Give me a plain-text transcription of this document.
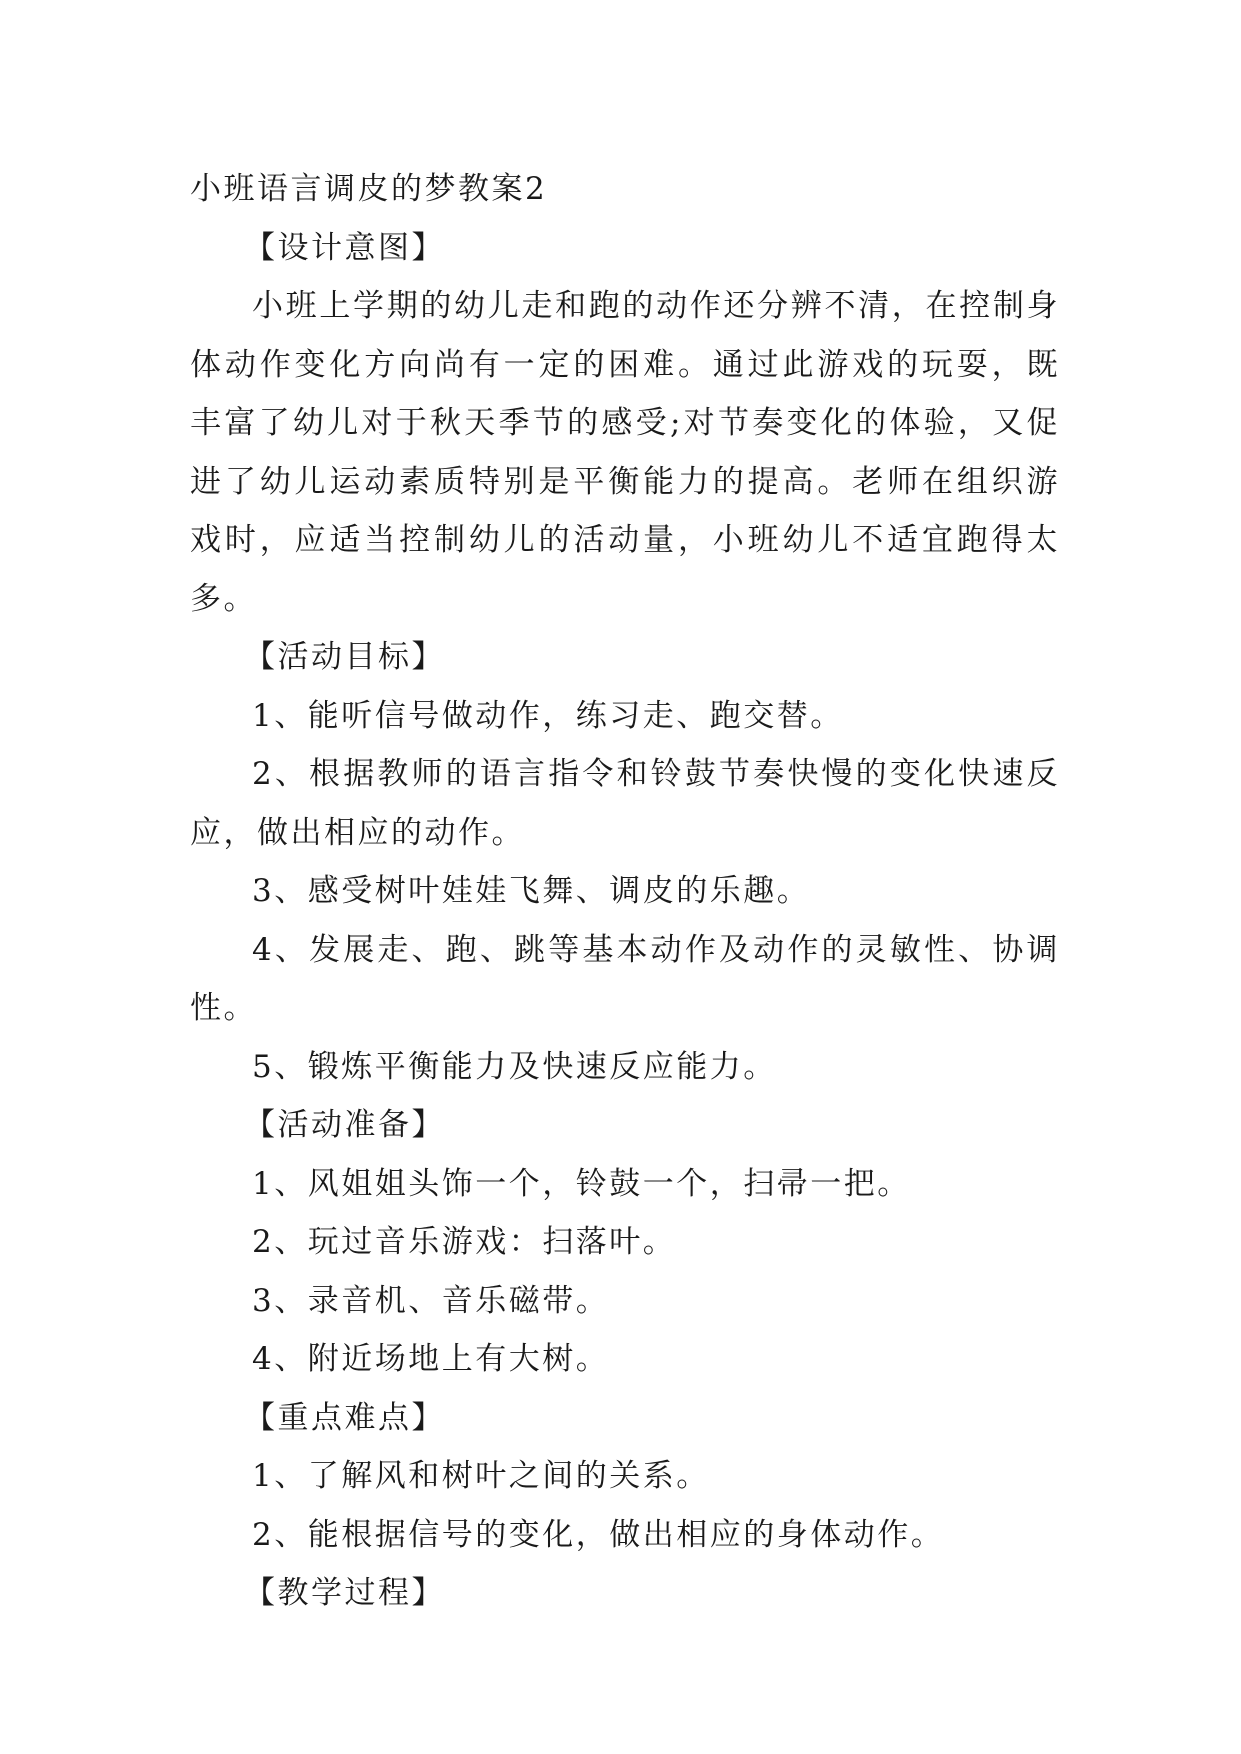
小班语言调皮的梦教案2

【设计意图】

小班上学期的幼儿走和跑的动作还分辨不清，在控制身体动作变化方向尚有一定的困难。通过此游戏的玩耍，既丰富了幼儿对于秋天季节的感受;对节奏变化的体验，又促进了幼儿运动素质特别是平衡能力的提高。老师在组织游戏时，应适当控制幼儿的活动量，小班幼儿不适宜跑得太多。

【活动目标】

1、能听信号做动作，练习走、跑交替。

2、根据教师的语言指令和铃鼓节奏快慢的变化快速反应，做出相应的动作。

3、感受树叶娃娃飞舞、调皮的乐趣。

4、发展走、跑、跳等基本动作及动作的灵敏性、协调性。

5、锻炼平衡能力及快速反应能力。

【活动准备】

1、风姐姐头饰一个，铃鼓一个，扫帚一把。

2、玩过音乐游戏：扫落叶。

3、录音机、音乐磁带。

4、附近场地上有大树。

【重点难点】

1、了解风和树叶之间的关系。

2、能根据信号的变化，做出相应的身体动作。

【教学过程】
